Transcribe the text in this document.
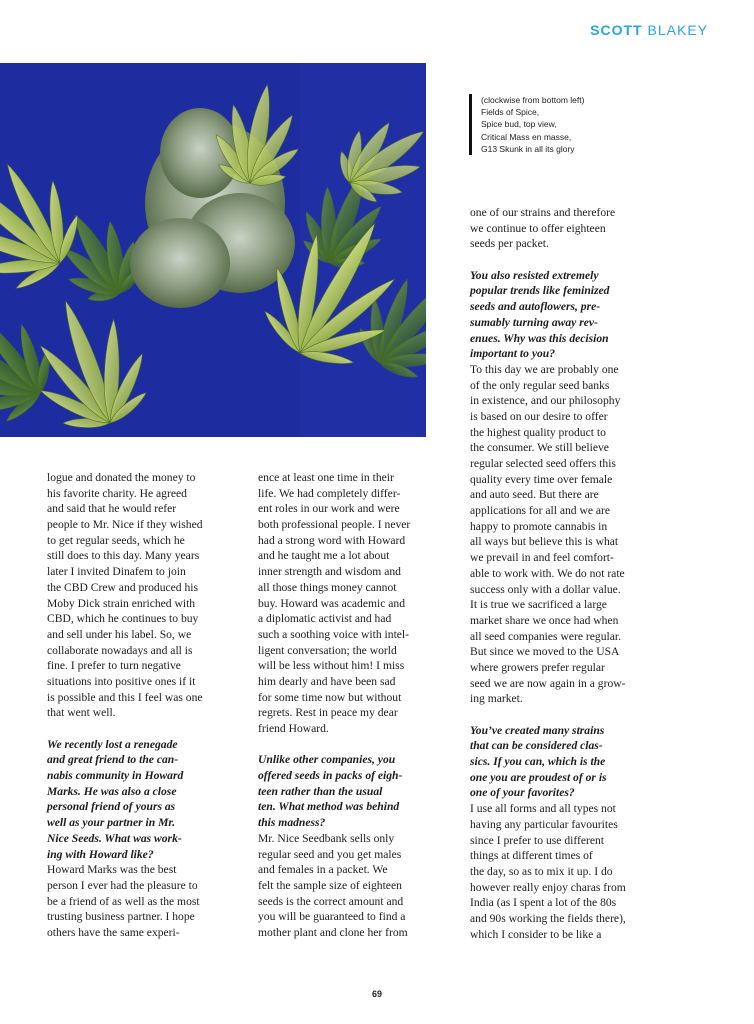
SCOTT BLAKEY
(clockwise from bottom left)
Fields of Spice,
Spice bud, top view,
Critical Mass en masse,
G13 Skunk in all its glory
logue and donated the money to
his favorite charity. He agreed
and said that he would refer
people to Mr. Nice if they wished
to get regular seeds, which he
still does to this day. Many years
later I invited Dinafem to join
the CBD Crew and produced his
Moby Dick strain enriched with
CBD, which he continues to buy
and sell under his label. So, we
collaborate nowadays and all is
fine. I prefer to turn negative
situations into positive ones if it
is possible and this I feel was one
that went well.
We recently lost a renegade
and great friend to the can-
nabis community in Howard
Marks. He was also a close
personal friend of yours as
well as your partner in Mr.
Nice Seeds. What was work-
ing with Howard like?
Howard Marks was the best
person I ever had the pleasure to
be a friend of as well as the most
trusting business partner. I hope
others have the same experi-
ence at least one time in their
life. We had completely differ-
ent roles in our work and were
both professional people. I never
had a strong word with Howard
and he taught me a lot about
inner strength and wisdom and
all those things money cannot
buy. Howard was academic and
a diplomatic activist and had
such a soothing voice with intel-
ligent conversation; the world
will be less without him! I miss
him dearly and have been sad
for some time now but without
regrets. Rest in peace my dear
friend Howard.
Unlike other companies, you
offered seeds in packs of eigh-
teen rather than the usual
ten. What method was behind
this madness?
Mr. Nice Seedbank sells only
regular seed and you get males
and females in a packet. We
felt the sample size of eighteen
seeds is the correct amount and
you will be guaranteed to find a
mother plant and clone her from
one of our strains and therefore
we continue to offer eighteen
seeds per packet.
You also resisted extremely
popular trends like feminized
seeds and autoflowers, pre-
sumably turning away rev-
enues. Why was this decision
important to you?
To this day we are probably one
of the only regular seed banks
in existence, and our philosophy
is based on our desire to offer
the highest quality product to
the consumer. We still believe
regular selected seed offers this
quality every time over female
and auto seed. But there are
applications for all and we are
happy to promote cannabis in
all ways but believe this is what
we prevail in and feel comfort-
able to work with. We do not rate
success only with a dollar value.
It is true we sacrificed a large
market share we once had when
all seed companies were regular.
But since we moved to the USA
where growers prefer regular
seed we are now again in a grow-
ing market.
You’ve created many strains
that can be considered clas-
sics. If you can, which is the
one you are proudest of or is
one of your favorites?
I use all forms and all types not
having any particular favourites
since I prefer to use different
things at different times of
the day, so as to mix it up. I do
however really enjoy charas from
India (as I spent a lot of the 80s
and 90s working the fields there),
which I consider to be like a
69
